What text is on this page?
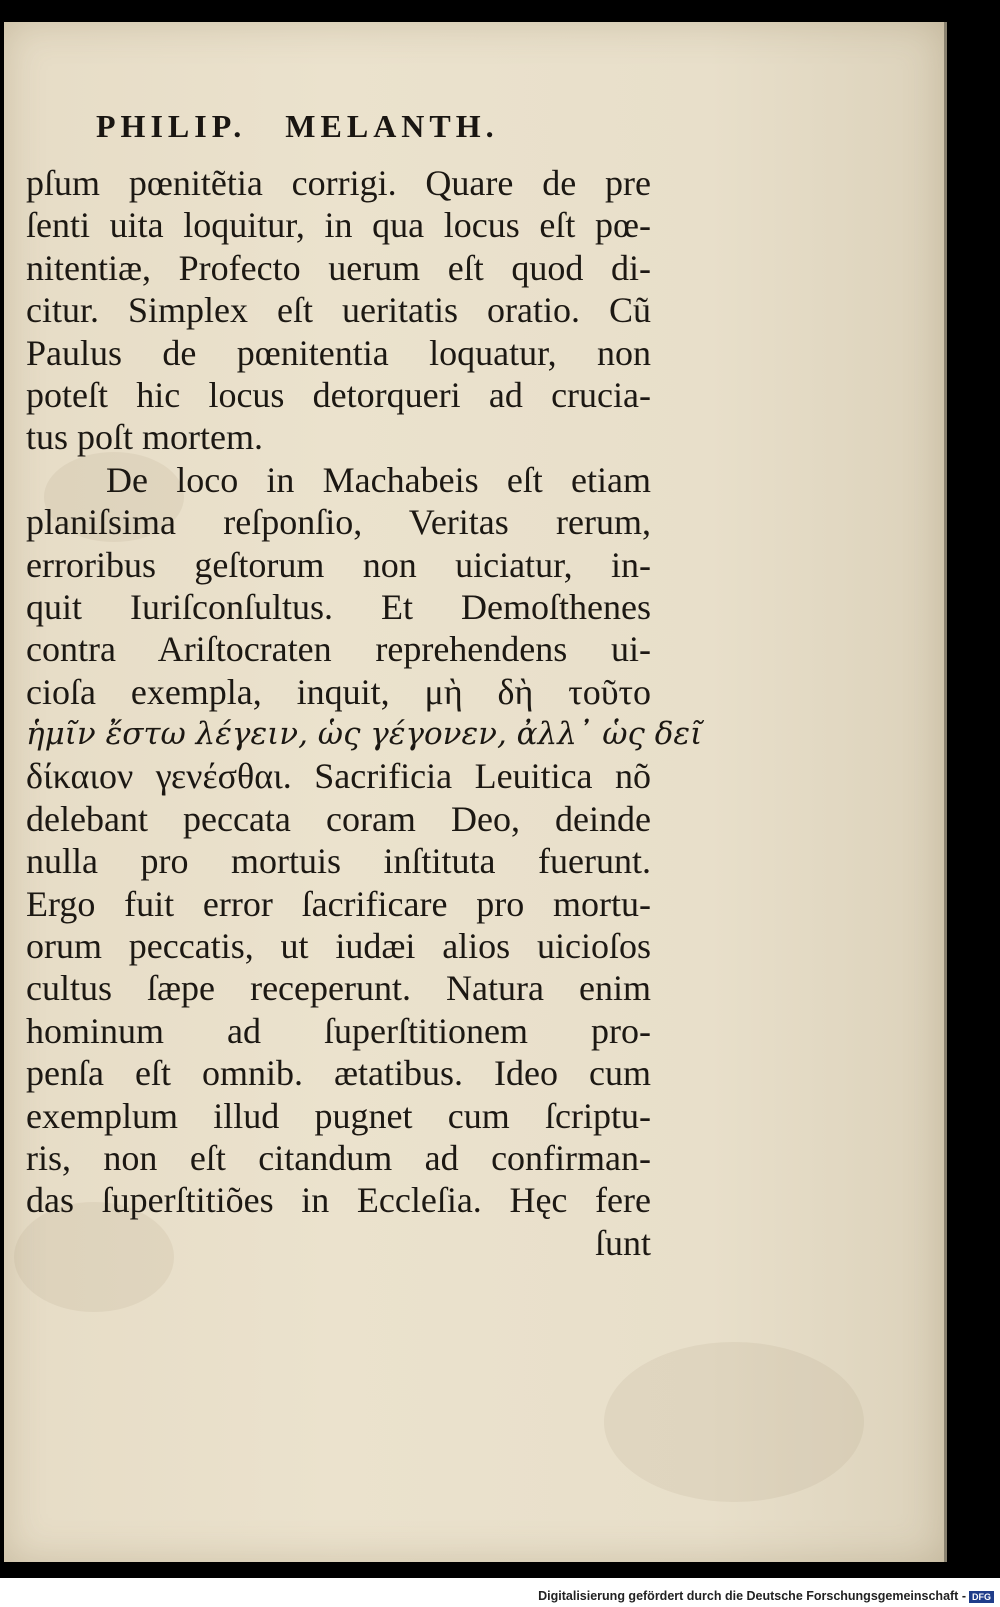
PHILIP. MELANTH.
pſum pœnitẽtia corrigi. Quare de pre
ſenti uita loquitur, in qua locus eſt pœ-
nitentiæ, Profecto uerum eſt quod di-
citur. Simplex eſt ueritatis oratio. Cũ
Paulus de pœnitentia loquatur, non
poteſt hic locus detorqueri ad crucia-
tus poſt mortem.
De loco in Machabeis eſt etiam
planiſsima reſponſio, Veritas rerum,
erroribus geſtorum non uiciatur, in-
quit Iuriſconſultus. Et Demoſthenes
contra Ariſtocraten reprehendens ui-
cioſa exempla, inquit, μὴ δὴ τοῦτο
ἡμῖν ἔστω λέγειν, ὡς γέγονεν, ἀλλ᾽ ὡς δεῖ
δίκαιον γενέσθαι. Sacrificia Leuitica nõ
delebant peccata coram Deo, deinde
nulla pro mortuis inſtituta fuerunt.
Ergo fuit error ſacrificare pro mortu-
orum peccatis, ut iudæi alios uicioſos
cultus ſæpe receperunt. Natura enim
hominum ad ſuperſtitionem pro-
penſa eſt omnib. ætatibus. Ideo cum
exemplum illud pugnet cum ſcriptu-
ris, non eſt citandum ad confirman-
das ſuperſtitiões in Eccleſia. Hęc fere
ſunt
Digitalisierung gefördert durch die Deutsche Forschungsgemeinschaft - DFG
